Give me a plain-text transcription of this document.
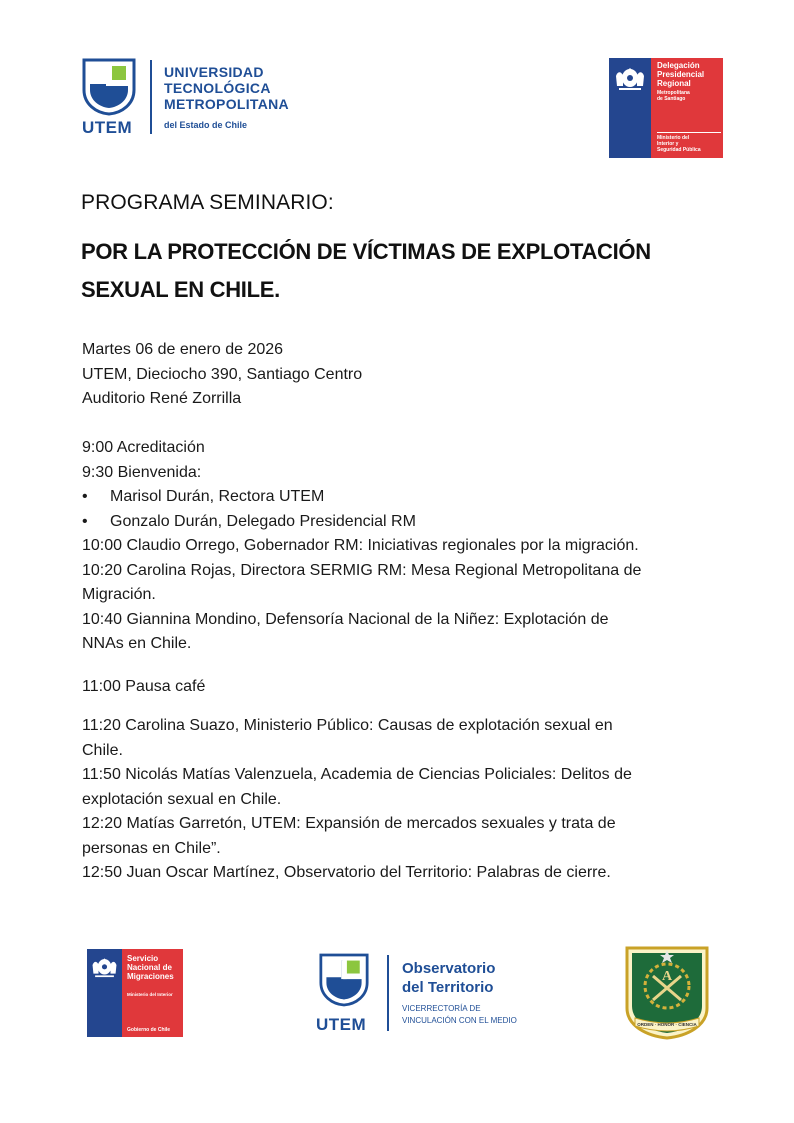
UTEM
UNIVERSIDAD
TECNOLÓGICA
METROPOLITANA
del Estado de Chile
Delegación
Presidencial
Regional
Metropolitana
de Santiago
Ministerio del
Interior y
Seguridad Pública
PROGRAMA SEMINARIO:
POR LA PROTECCIÓN DE VÍCTIMAS DE EXPLOTACIÓN
SEXUAL EN CHILE.
Martes 06 de enero de 2026
UTEM, Dieciocho 390, Santiago Centro
Auditorio René Zorrilla
9:00 Acreditación
9:30 Bienvenida:
• Marisol Durán, Rectora UTEM
• Gonzalo Durán, Delegado Presidencial RM
10:00 Claudio Orrego, Gobernador RM: Iniciativas regionales por la migración.
10:20 Carolina Rojas, Directora SERMIG RM: Mesa Regional Metropolitana de
Migración.
10:40 Giannina Mondino, Defensoría Nacional de la Niñez: Explotación de
NNAs en Chile.
11:00 Pausa café
11:20 Carolina Suazo, Ministerio Público: Causas de explotación sexual en
Chile.
11:50 Nicolás Matías Valenzuela, Academia de Ciencias Policiales: Delitos de
explotación sexual en Chile.
12:20 Matías Garretón, UTEM: Expansión de mercados sexuales y trata de
personas en Chile”.
12:50 Juan Oscar Martínez, Observatorio del Territorio: Palabras de cierre.
Servicio
Nacional de
Migraciones
Ministerio del Interior
Gobierno de Chile	UTEM
Observatorio
del Territorio
VICERRECTORÍA DE
VINCULACIÓN CON EL MEDIO
A
ORDEN · HONOR · CIENCIA
